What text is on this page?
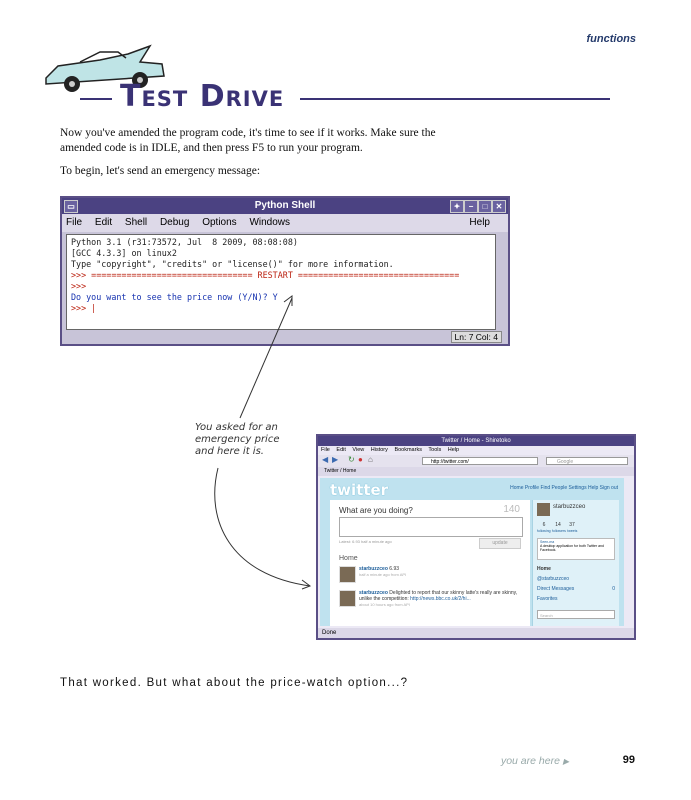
functions
Test Drive
Now you've amended the program code, it's time to see if it works. Make sure the amended code is in IDLE, and then press F5 to run your program.
To begin, let's send an emergency message:
▭	Python Shell	✦	−	□	✕
File Edit Shell Debug Options Windows	Help
Python 3.1 (r31:73572, Jul  8 2009, 08:08:08)
[GCC 4.3.3] on linux2
Type "copyright", "credits" or "license()" for more information.
>>> ================================ RESTART ================================
>>>
Do you want to see the price now (Y/N)? Y
>>> |
Ln: 7 Col: 4
You asked for an emergency price and here it is.
Twitter / Home - Shiretoko
File Edit View History Bookmarks Tools Help
◀ ▶ ↻ ● ⌂	http://twitter.com/	Google
Twitter / Home
twitter	Home Profile Find People Settings Help Sign out
What are you doing?	140
Latest: 6.93 half a minute ago	update
Home
starbuzzceo 6.93
half a minute ago from API
starbuzzceo Delighted to report that our skinny latte's really are skinny, unlike the competition: http://news.bbc.co.uk/2/hi...
about 10 hours ago from API
starbuzzceo
6 14 37
following followers tweets
Seen-ma
A desktop application for both Twitter and Facebook.
Home
@starbuzzceo
Direct Messages	0
Favorites
Search
Done
That worked. But what about the price-watch option...?
you are here ▶	99
